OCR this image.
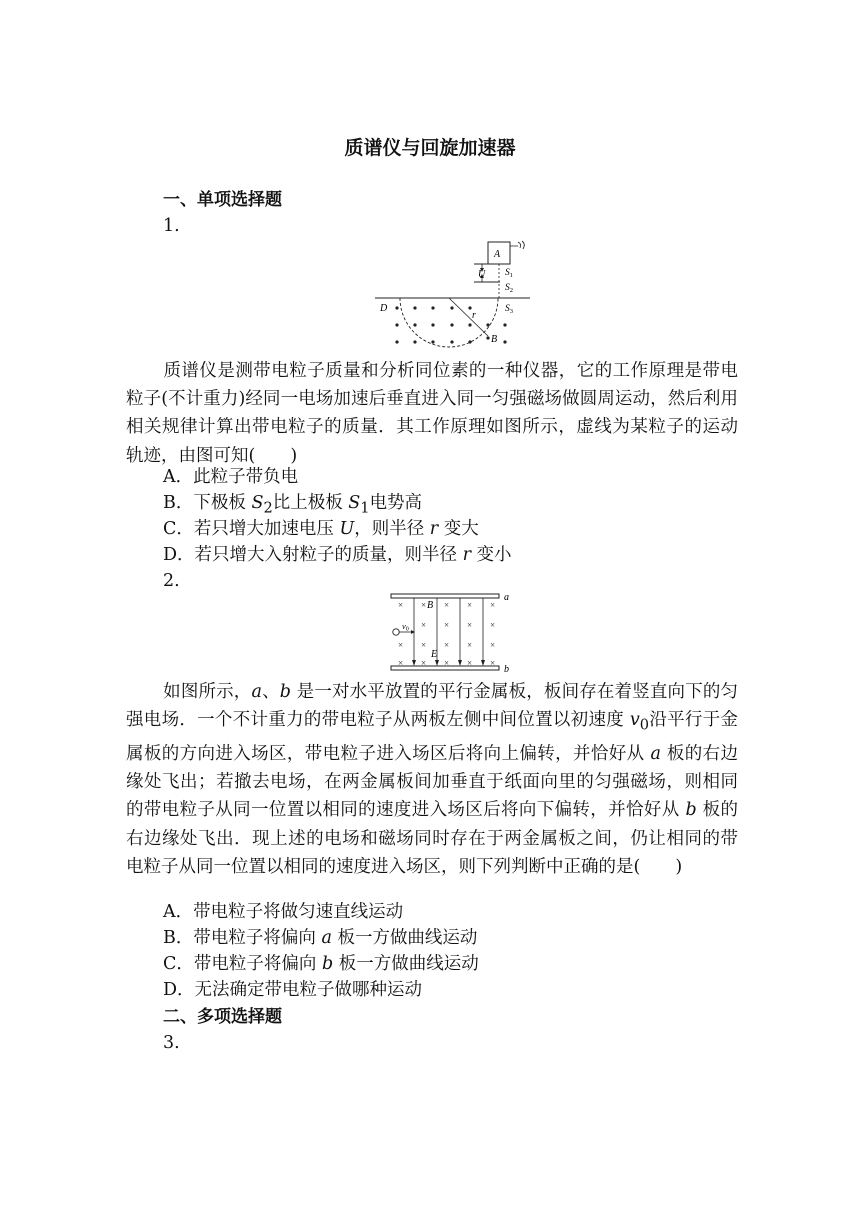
质谱仪与回旋加速器
一、单项选择题
1.
A
U $S_1$
$S_2$
$S_3$
r
D
B
质谱仪是测带电粒子质量和分析同位素的一种仪器，它的工作原理是带电粒子(不计重力)经同一电场加速后垂直进入同一匀强磁场做圆周运动，然后利用相关规律计算出带电粒子的质量．其工作原理如图所示，虚线为某粒子的运动轨迹，由图可知(　　)
A．此粒子带负电
B．下极板 $S_2$比上极板 $S_1$电势高
C．若只增大加速电压 U，则半径 r 变大
D．若只增大入射粒子的质量，则半径 r 变小
2.
a
b
× × × × ×
× × × ×
× × × × ×
× × × × ×
B
E
v0
如图所示，a、b 是一对水平放置的平行金属板，板间存在着竖直向下的匀强电场．一个不计重力的带电粒子从两板左侧中间位置以初速度 $v_0$沿平行于金属板的方向进入场区，带电粒子进入场区后将向上偏转，并恰好从 a 板的右边缘处飞出；若撤去电场，在两金属板间加垂直于纸面向里的匀强磁场，则相同的带电粒子从同一位置以相同的速度进入场区后将向下偏转，并恰好从 b 板的右边缘处飞出．现上述的电场和磁场同时存在于两金属板之间，仍让相同的带电粒子从同一位置以相同的速度进入场区，则下列判断中正确的是(　　)
A．带电粒子将做匀速直线运动
B．带电粒子将偏向 a 板一方做曲线运动
C．带电粒子将偏向 b 板一方做曲线运动
D．无法确定带电粒子做哪种运动
二、多项选择题
3.
